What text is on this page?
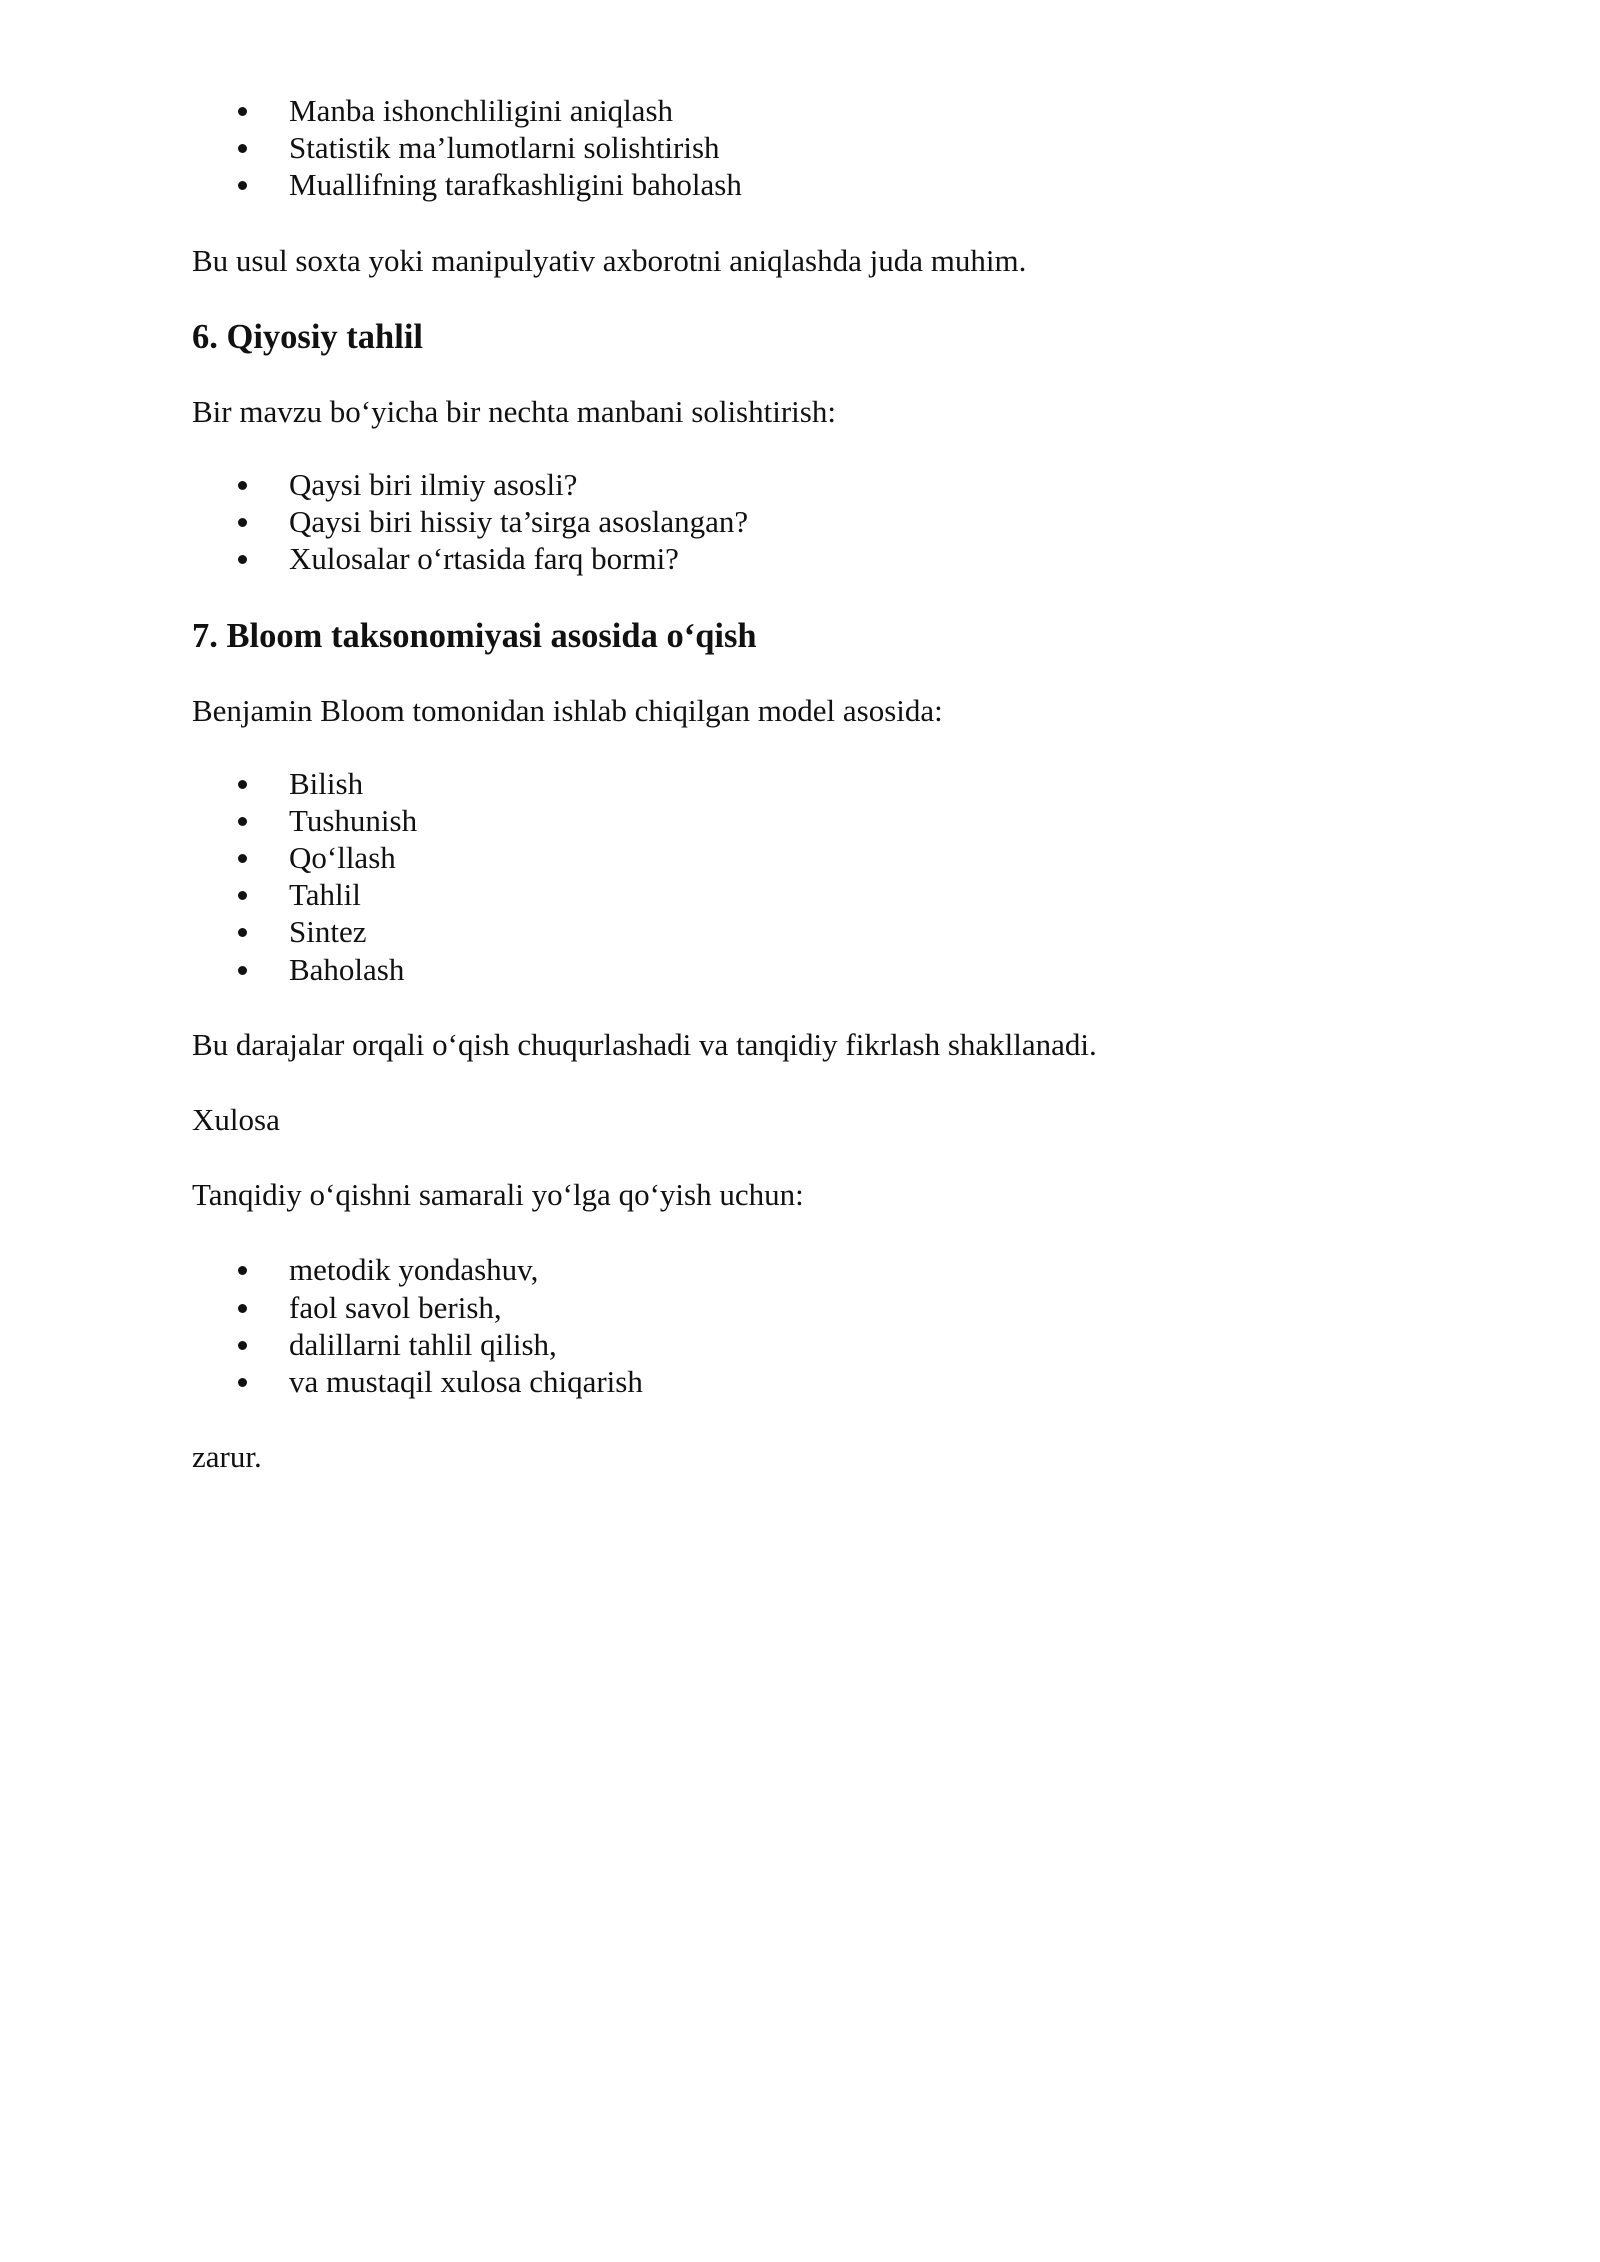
Manba ishonchliligini aniqlash
Statistik ma’lumotlarni solishtirish
Muallifning tarafkashligini baholash

Bu usul soxta yoki manipulyativ axborotni aniqlashda juda muhim.

6. Qiyosiy tahlil

Bir mavzu bo‘yicha bir nechta manbani solishtirish:

Qaysi biri ilmiy asosli?
Qaysi biri hissiy ta’sirga asoslangan?
Xulosalar o‘rtasida farq bormi?
7. Bloom taksonomiyasi asosida o‘qish

Benjamin Bloom tomonidan ishlab chiqilgan model asosida:

Bilish
Tushunish
Qo‘llash
Tahlil
Sintez
Baholash

Bu darajalar orqali o‘qish chuqurlashadi va tanqidiy fikrlash shakllanadi.

Xulosa

Tanqidiy o‘qishni samarali yo‘lga qo‘yish uchun:

metodik yondashuv,
faol savol berish,
dalillarni tahlil qilish,
va mustaqil xulosa chiqarish

zarur.
